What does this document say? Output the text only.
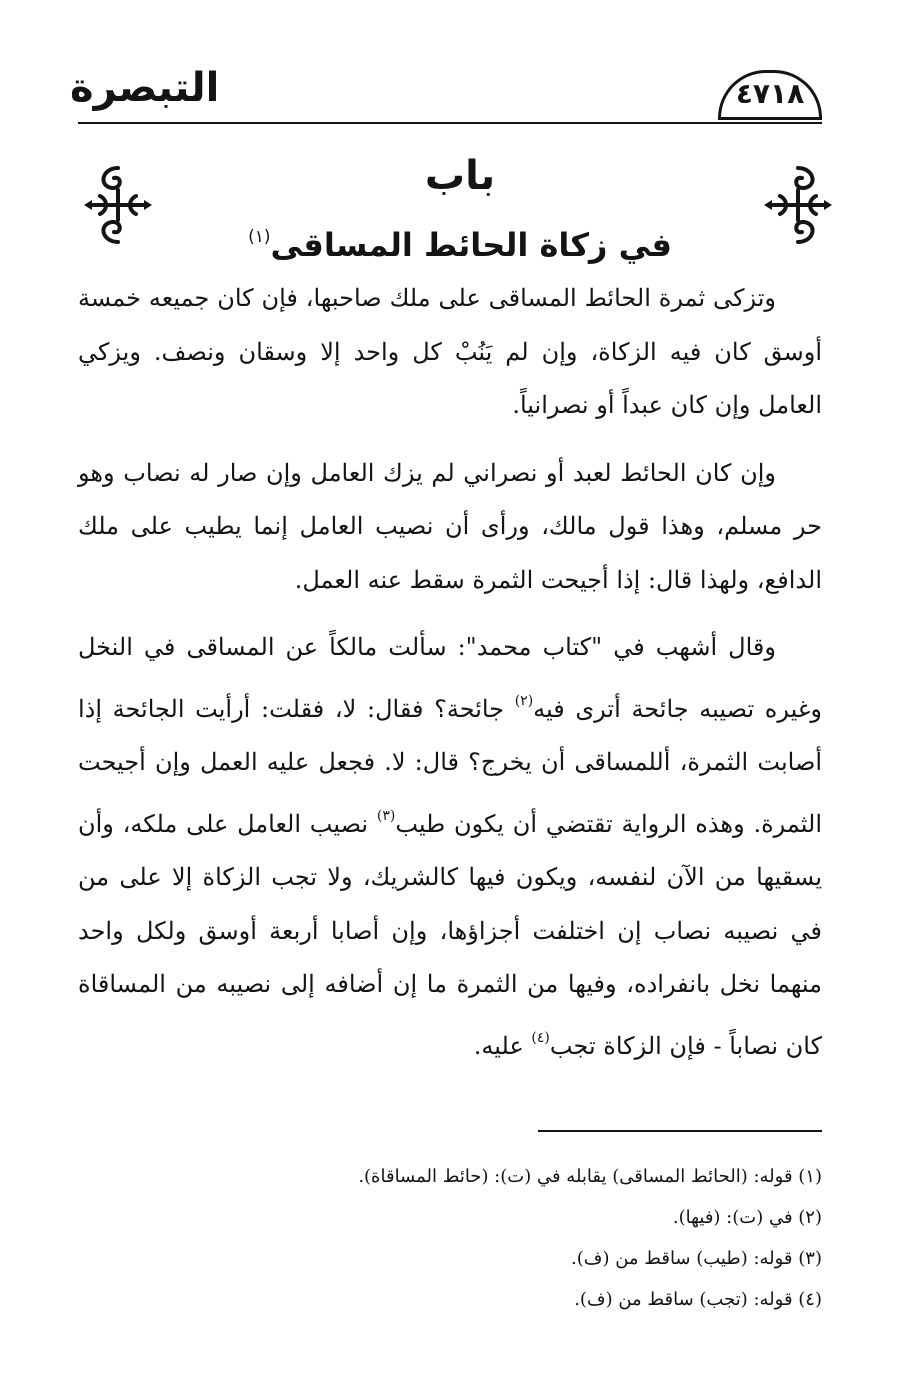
التبصرة	٤٧١٨
باب
في زكاة الحائط المساقى$^{(١)}$

وتزكى ثمرة الحائط المساقى على ملك صاحبها، فإن كان جميعه خمسة أوسق كان فيه الزكاة، وإن لم يَنُبْ كل واحد إلا وسقان ونصف. ويزكي العامل وإن كان عبداً أو نصرانياً.

وإن كان الحائط لعبد أو نصراني لم يزك العامل وإن صار له نصاب وهو حر مسلم، وهذا قول مالك، ورأى أن نصيب العامل إنما يطيب على ملك الدافع، ولهذا قال: إذا أجيحت الثمرة سقط عنه العمل.

وقال أشهب في "كتاب محمد": سألت مالكاً عن المساقى في النخل وغيره تصيبه جائحة أترى فيه$^{(٢)}$ جائحة؟ فقال: لا، فقلت: أرأيت الجائحة إذا أصابت الثمرة، أللمساقى أن يخرج؟ قال: لا. فجعل عليه العمل وإن أجيحت الثمرة. وهذه الرواية تقتضي أن يكون طيب$^{(٣)}$ نصيب العامل على ملكه، وأن يسقيها من الآن لنفسه، ويكون فيها كالشريك، ولا تجب الزكاة إلا على من في نصيبه نصاب إن اختلفت أجزاؤها، وإن أصابا أربعة أوسق ولكل واحد منهما نخل بانفراده، وفيها من الثمرة ما إن أضافه إلى نصيبه من المساقاة كان نصاباً - فإن الزكاة تجب$^{(٤)}$ عليه.

(١) قوله: (الحائط المساقى) يقابله في (ت): (حائط المساقاة).
(٢) في (ت): (فيها).
(٣) قوله: (طيب) ساقط من (ف).
(٤) قوله: (تجب) ساقط من (ف).
